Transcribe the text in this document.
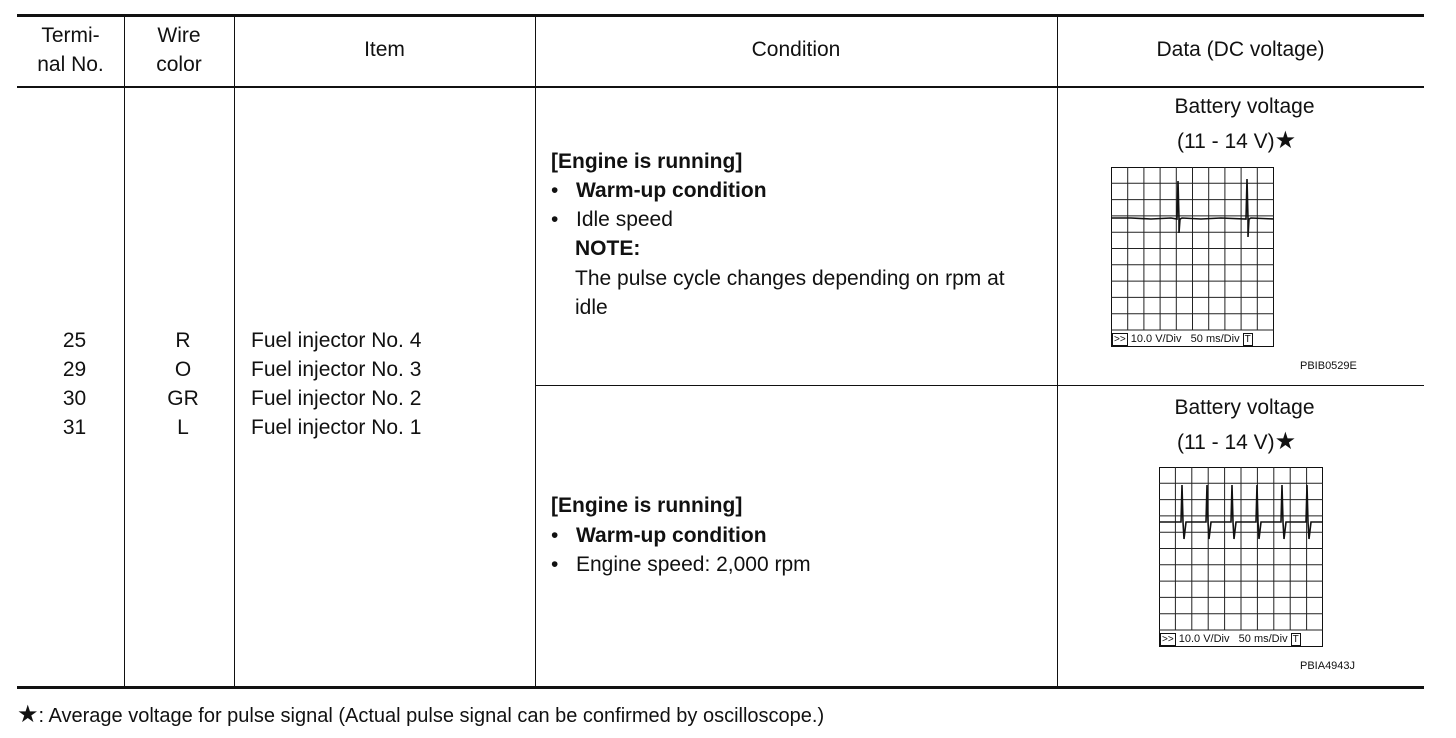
Termi-
nal No.
Wire
color
Item	Condition	Data (DC voltage)
25
29
30
31
R
O
GR
L
Fuel injector No. 4
Fuel injector No. 3
Fuel injector No. 2
Fuel injector No. 1
[Engine is running]
• Warm-up condition
• Idle speed
NOTE:
The pulse cycle changes depending on rpm at
idle
[Engine is running]
• Warm-up condition
• Engine speed: 2,000 rpm
Battery voltage
(11 - 14 V)★
>> 10.0 V/Div 50 ms/Div T
PBIB0529E
Battery voltage
(11 - 14 V)★
>> 10.0 V/Div 50 ms/Div T
PBIA4943J
★: Average voltage for pulse signal (Actual pulse signal can be confirmed by oscilloscope.)
